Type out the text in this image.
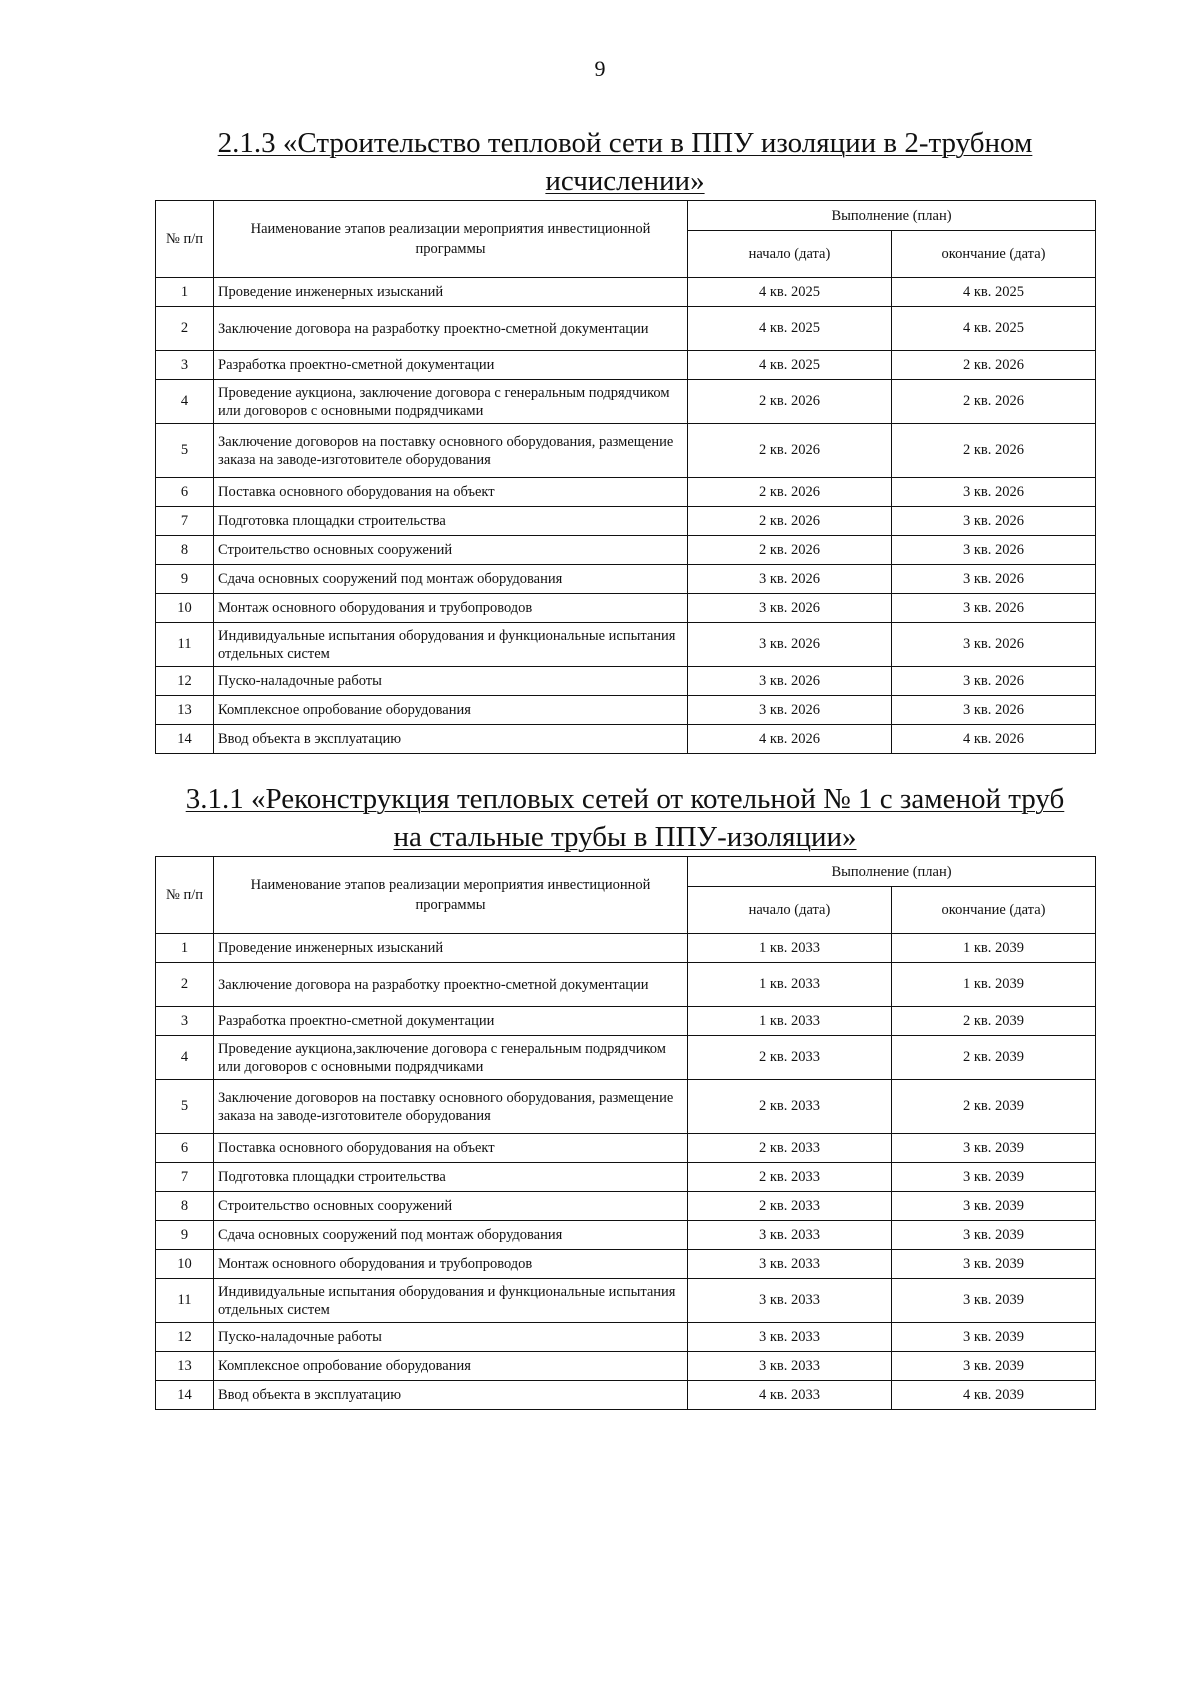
9
2.1.3 «Строительство тепловой сети в ППУ изоляции в 2-трубном
исчислении»
№ п/п	Наименование этапов реализации мероприятия инвестиционной программы	Выполнение (план)	
		начало (дата)	окончание (дата)
1	Проведение инженерных изысканий	4 кв. 2025	4 кв. 2025
2	Заключение договора на разработку проектно-сметной документации	4 кв. 2025	4 кв. 2025
3	Разработка проектно-сметной документации	4 кв. 2025	2 кв. 2026
4	Проведение аукциона, заключение договора с генеральным подрядчиком или договоров с основными подрядчиками	2 кв. 2026	2 кв. 2026
5	Заключение договоров на поставку основного оборудования, размещение заказа на заводе-изготовителе оборудования	2 кв. 2026	2 кв. 2026
6	Поставка основного оборудования на объект	2 кв. 2026	3 кв. 2026
7	Подготовка площадки строительства	2 кв. 2026	3 кв. 2026
8	Строительство основных сооружений	2 кв. 2026	3 кв. 2026
9	Сдача основных сооружений под монтаж оборудования	3 кв. 2026	3 кв. 2026
10	Монтаж основного оборудования и трубопроводов	3 кв. 2026	3 кв. 2026
11	Индивидуальные испытания оборудования и функциональные испытания отдельных систем	3 кв. 2026	3 кв. 2026
12	Пуско-наладочные работы	3 кв. 2026	3 кв. 2026
13	Комплексное опробование оборудования	3 кв. 2026	3 кв. 2026
14	Ввод объекта в эксплуатацию	4 кв. 2026	4 кв. 2026
3.1.1 «Реконструкция тепловых сетей от котельной № 1 с заменой труб
на стальные трубы в ППУ-изоляции»
№ п/п	Наименование этапов реализации мероприятия инвестиционной программы	Выполнение (план)	
		начало (дата)	окончание (дата)
1	Проведение инженерных изысканий	1 кв. 2033	1 кв. 2039
2	Заключение договора на разработку проектно-сметной документации	1 кв. 2033	1 кв. 2039
3	Разработка проектно-сметной документации	1 кв. 2033	2 кв. 2039
4	Проведение аукциона,заключение договора с генеральным подрядчиком или договоров с основными подрядчиками	2 кв. 2033	2 кв. 2039
5	Заключение договоров на поставку основного оборудования, размещение заказа на заводе-изготовителе оборудования	2 кв. 2033	2 кв. 2039
6	Поставка основного оборудования на объект	2 кв. 2033	3 кв. 2039
7	Подготовка площадки строительства	2 кв. 2033	3 кв. 2039
8	Строительство основных сооружений	2 кв. 2033	3 кв. 2039
9	Сдача основных сооружений под монтаж оборудования	3 кв. 2033	3 кв. 2039
10	Монтаж основного оборудования и трубопроводов	3 кв. 2033	3 кв. 2039
11	Индивидуальные испытания оборудования и функциональные испытания отдельных систем	3 кв. 2033	3 кв. 2039
12	Пуско-наладочные работы	3 кв. 2033	3 кв. 2039
13	Комплексное опробование оборудования	3 кв. 2033	3 кв. 2039
14	Ввод объекта в эксплуатацию	4 кв. 2033	4 кв. 2039
